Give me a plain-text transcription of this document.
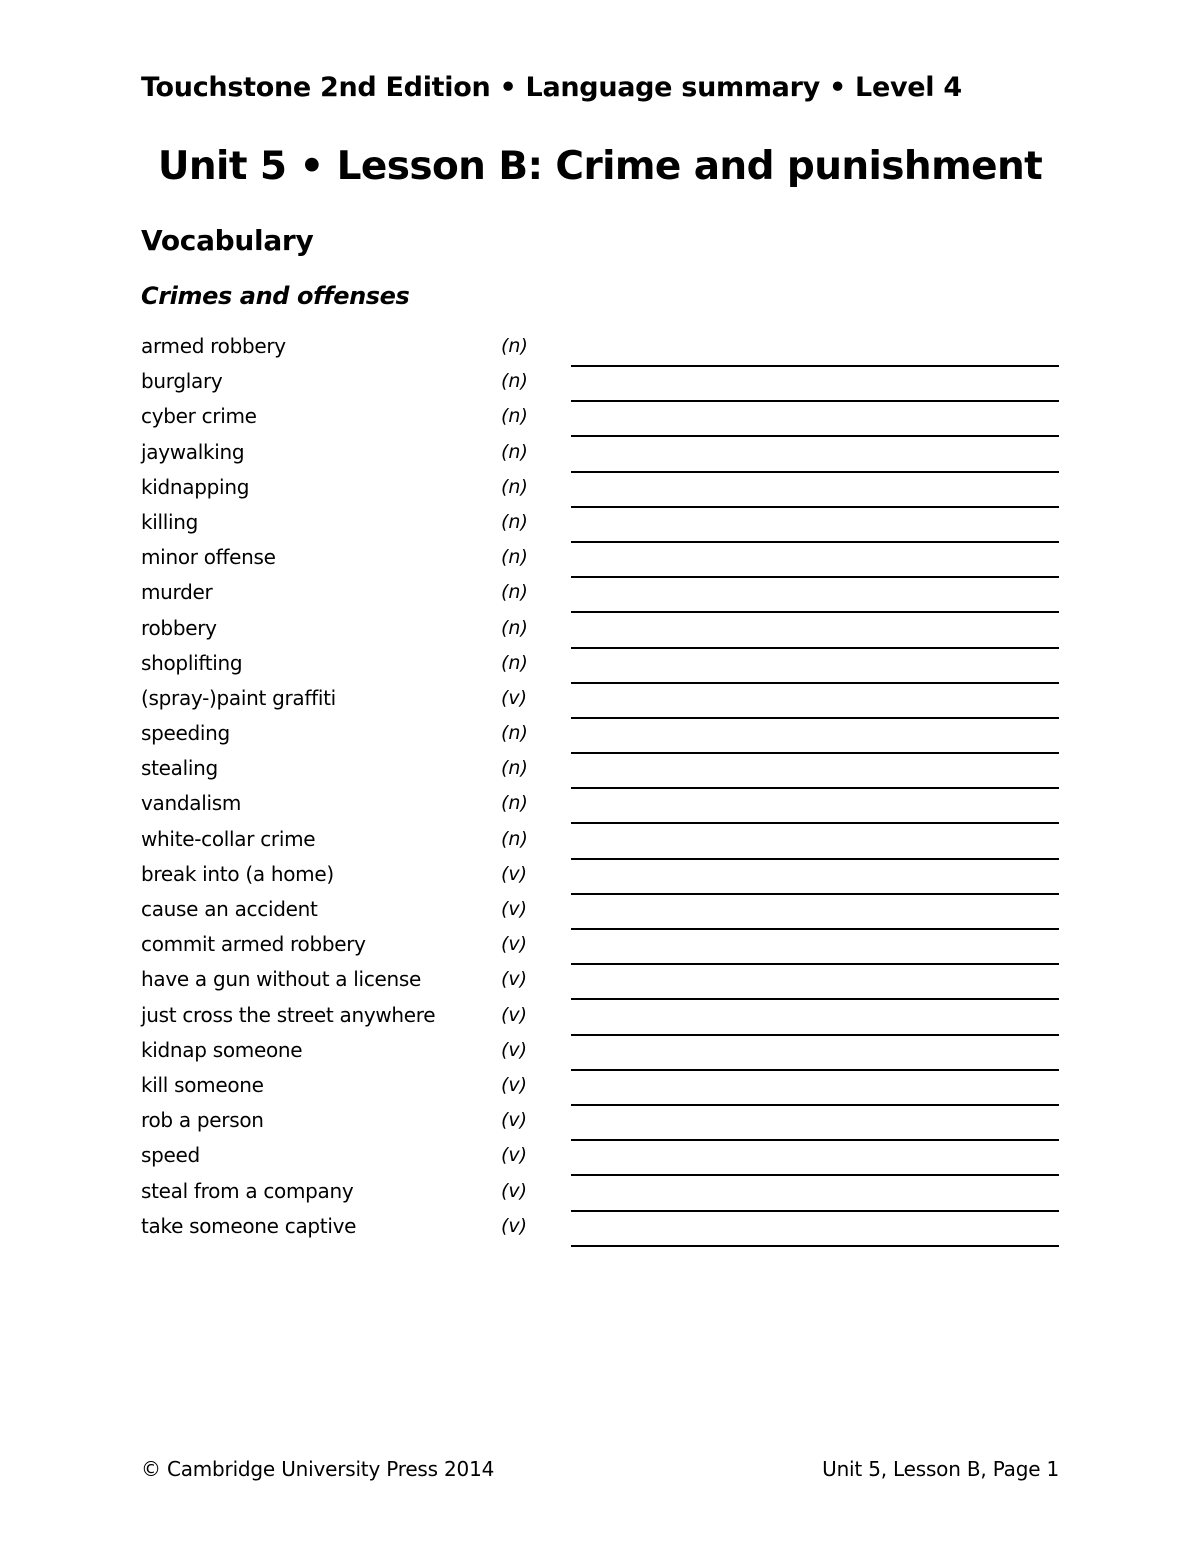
Touchstone 2nd Edition • Language summary • Level 4
Unit 5 • Lesson B: Crime and punishment
Vocabulary
Crimes and offenses
armed robbery	(n)
burglary	(n)
cyber crime	(n)
jaywalking	(n)
kidnapping	(n)
killing	(n)
minor offense	(n)
murder	(n)
robbery	(n)
shoplifting	(n)
(spray-)paint graffiti	(v)
speeding	(n)
stealing	(n)
vandalism	(n)
white-collar crime	(n)
break into (a home)	(v)
cause an accident	(v)
commit armed robbery	(v)
have a gun without a license	(v)
just cross the street anywhere	(v)
kidnap someone	(v)
kill someone	(v)
rob a person	(v)
speed	(v)
steal from a company	(v)
take someone captive	(v)
© Cambridge University Press 2014	Unit 5, Lesson B, Page 1
